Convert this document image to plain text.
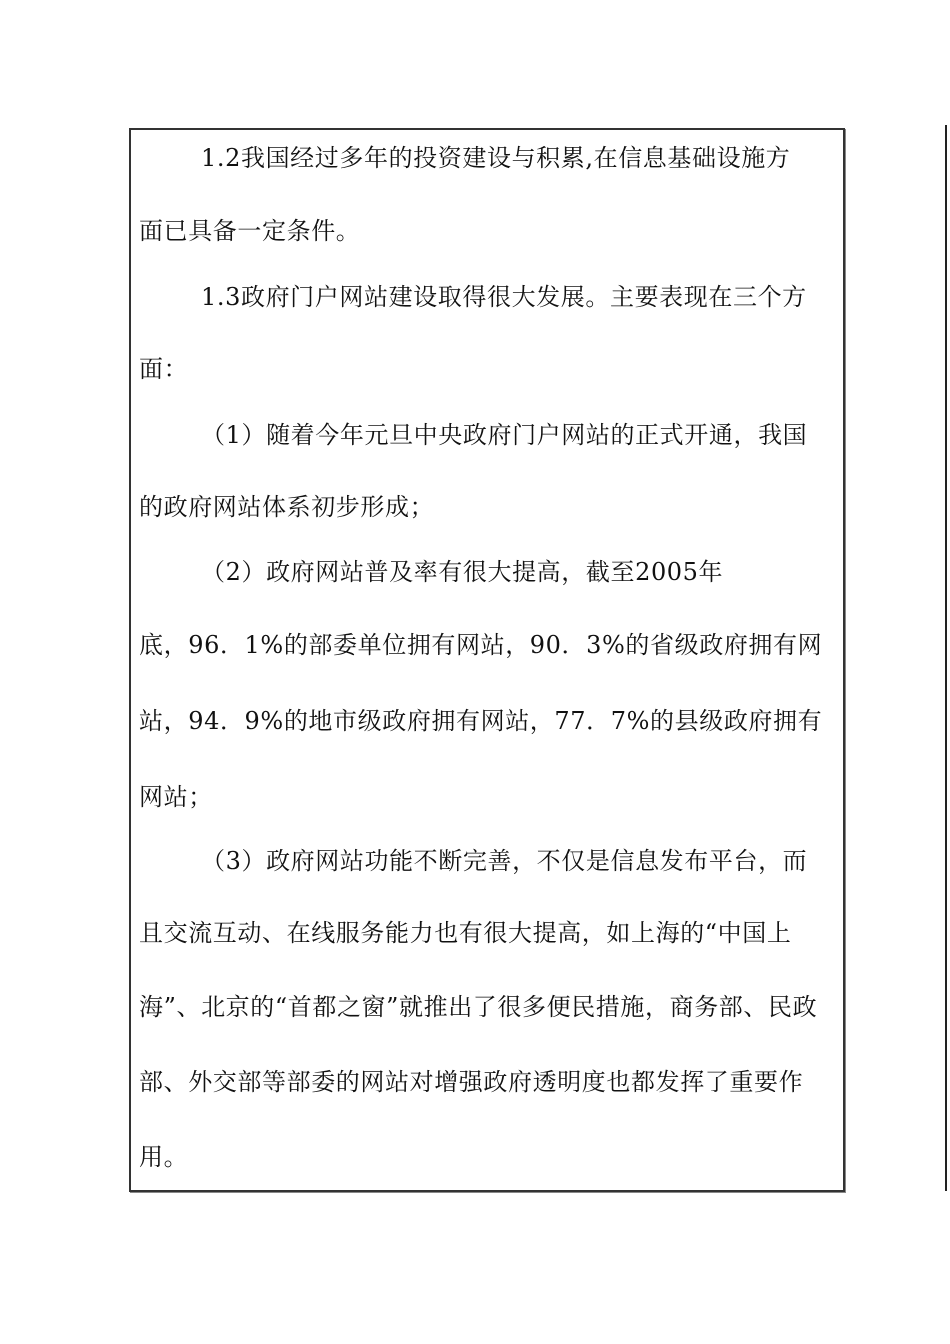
1.2我国经过多年的投资建设与积累,在信息基础设施方
面已具备一定条件。
1.3政府门户网站建设取得很大发展。主要表现在三个方
面：
（1）随着今年元旦中央政府门户网站的正式开通，我国
的政府网站体系初步形成；
（2）政府网站普及率有很大提高，截至2005年
底，96．1%的部委单位拥有网站，90．3%的省级政府拥有网
站，94．9%的地市级政府拥有网站，77．7%的县级政府拥有
网站；
（3）政府网站功能不断完善，不仅是信息发布平台，而
且交流互动、在线服务能力也有很大提高，如上海的“中国上
海”、北京的“首都之窗”就推出了很多便民措施，商务部、民政
部、外交部等部委的网站对增强政府透明度也都发挥了重要作
用。
